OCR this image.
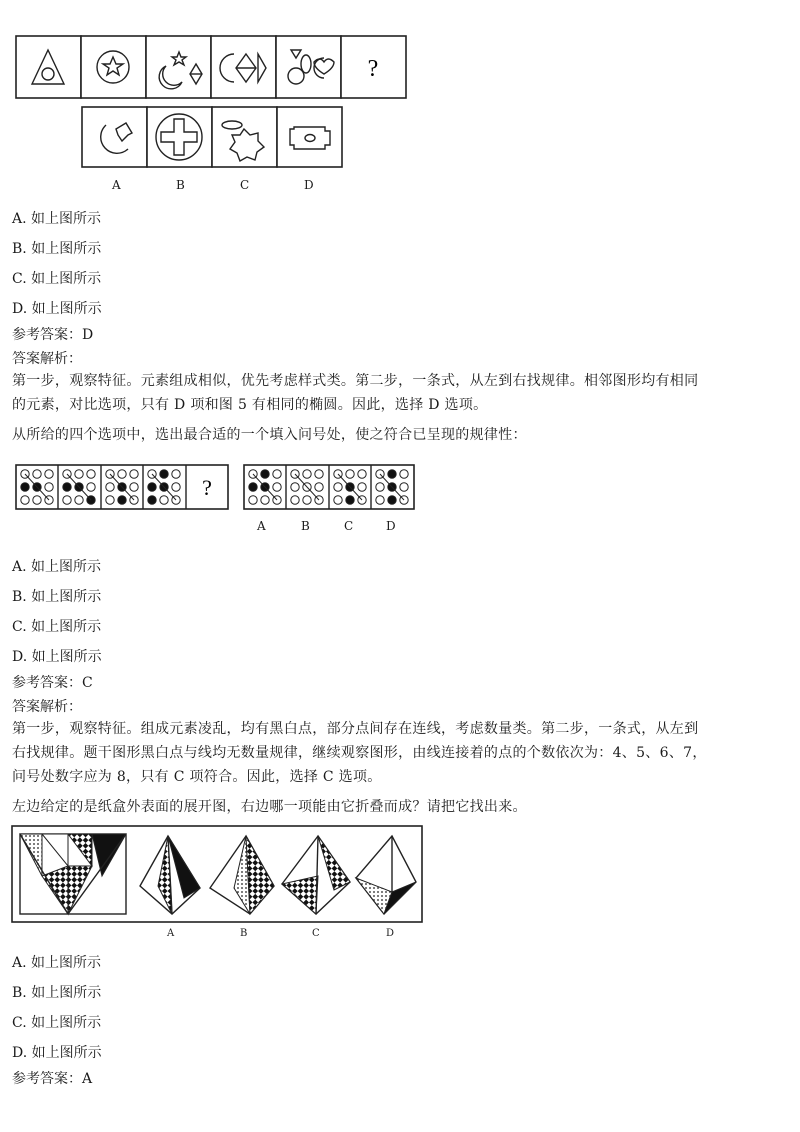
?
A	B	C	D
A. 如上图所示
B. 如上图所示
C. 如上图所示
D. 如上图所示
参考答案：D
答案解析：
第一步，观察特征。元素组成相似，优先考虑样式类。第二步，一条式，从左到右找规律。相邻图形均有相同
的元素，对比选项，只有 D 项和图 5 有相同的椭圆。因此，选择 D 选项。
从所给的四个选项中，选出最合适的一个填入问号处，使之符合已呈现的规律性：
?
A	B	C	D
A. 如上图所示
B. 如上图所示
C. 如上图所示
D. 如上图所示
参考答案：C
答案解析：
第一步，观察特征。组成元素凌乱，均有黑白点，部分点间存在连线，考虑数量类。第二步，一条式，从左到
右找规律。题干图形黑白点与线均无数量规律，继续观察图形，由线连接着的点的个数依次为：4、5、6、7，
问号处数字应为 8，只有 C 项符合。因此，选择 C 选项。
左边给定的是纸盒外表面的展开图，右边哪一项能由它折叠而成？请把它找出来。
A	B	C	D
A. 如上图所示
B. 如上图所示
C. 如上图所示
D. 如上图所示
参考答案：A
